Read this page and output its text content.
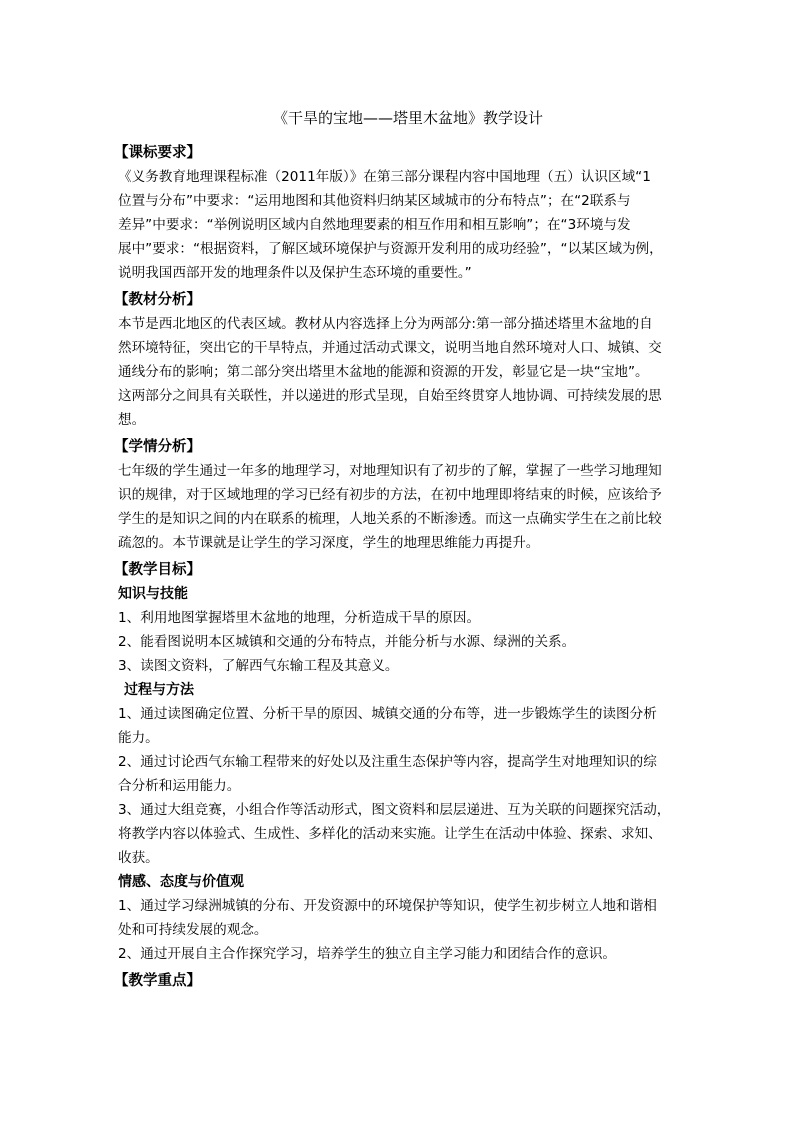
《干旱的宝地——塔里木盆地》教学设计
【课标要求】
《义务教育地理课程标准（2011年版）》在第三部分课程内容中国地理（五）认识区域“1
位置与分布”中要求：“运用地图和其他资料归纳某区域城市的分布特点”；在“2联系与
差异”中要求：“举例说明区域内自然地理要素的相互作用和相互影响”；在“3环境与发
展中”要求：“根据资料，了解区域环境保护与资源开发利用的成功经验”，“以某区域为例，
说明我国西部开发的地理条件以及保护生态环境的重要性。”
【教材分析】
本节是西北地区的代表区域。教材从内容选择上分为两部分:第一部分描述塔里木盆地的自
然环境特征，突出它的干旱特点，并通过活动式课文，说明当地自然环境对人口、城镇、交
通线分布的影响；第二部分突出塔里木盆地的能源和资源的开发，彰显它是一块“宝地”。
这两部分之间具有关联性，并以递进的形式呈现，自始至终贯穿人地协调、可持续发展的思
想。
【学情分析】
七年级的学生通过一年多的地理学习，对地理知识有了初步的了解，掌握了一些学习地理知
识的规律，对于区域地理的学习已经有初步的方法，在初中地理即将结束的时候，应该给予
学生的是知识之间的内在联系的梳理，人地关系的不断渗透。而这一点确实学生在之前比较
疏忽的。本节课就是让学生的学习深度，学生的地理思维能力再提升。
【教学目标】
知识与技能
1、利用地图掌握塔里木盆地的地理，分析造成干旱的原因。
2、能看图说明本区城镇和交通的分布特点，并能分析与水源、绿洲的关系。
3、读图文资料，了解西气东输工程及其意义。
过程与方法
1、通过读图确定位置、分析干旱的原因、城镇交通的分布等，进一步锻炼学生的读图分析
能力。
2、通过讨论西气东输工程带来的好处以及注重生态保护等内容，提高学生对地理知识的综
合分析和运用能力。
3、通过大组竞赛，小组合作等活动形式，图文资料和层层递进、互为关联的问题探究活动，
将教学内容以体验式、生成性、多样化的活动来实施。让学生在活动中体验、探索、求知、
收获。
情感、态度与价值观
1、通过学习绿洲城镇的分布、开发资源中的环境保护等知识，使学生初步树立人地和谐相
处和可持续发展的观念。
2、通过开展自主合作探究学习，培养学生的独立自主学习能力和团结合作的意识。
【教学重点】
